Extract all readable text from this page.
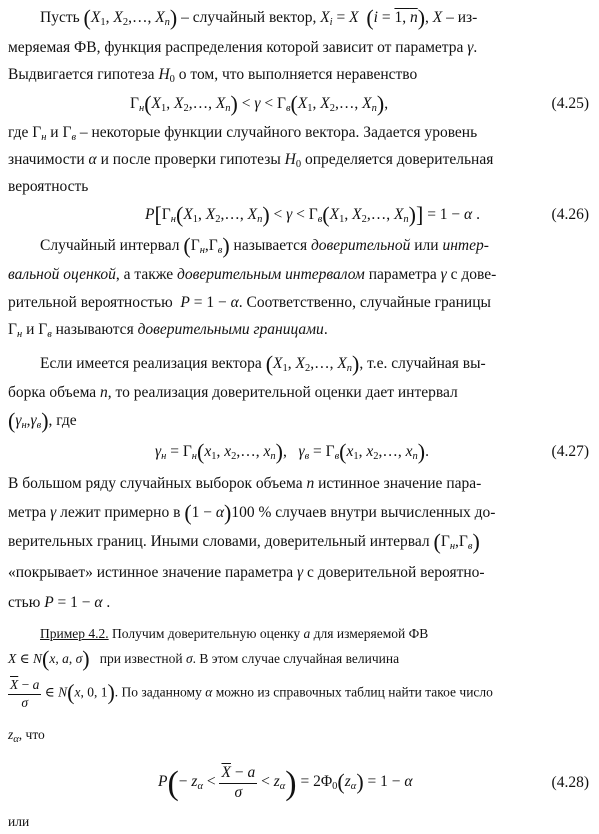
Пусть ($X_1$, $X_2,\dots$, $X_n$) – случайный вектор, $X_i = X$ (i = 1, n), X – из-
меряемая ФВ, функция распределения которой зависит от параметра γ.
Выдвигается гипотеза $H_0$ о том, что выполняется неравенство
$Г_н(X_1$, $X_2,\dots$, $X_n) < \gamma < Г_в(X_1$, $X_2,\dots$, $X_n$),	(4.25)
где $Г_н$ и $Г_в$ – некоторые функции случайного вектора. Задается уровень
значимости α и после проверки гипотезы $H_0$ определяется доверительная
вероятность
$P[Г_н(X_1$, $X_2,\dots$, $X_n) < \gamma < Г_в(X_1$, $X_2,\dots$, $X_n)] = 1 - \alpha$ .	(4.26)
Случайный интервал $(Г_н,Г_в)$ называется доверительной или интер-
вальной оценкой, а также доверительным интервалом параметра γ с дове-
рительной вероятностью P = 1 − α. Соответственно, случайные границы
$Г_н$ и $Г_в$ называются доверительными границами.
Если имеется реализация вектора ($X_1$, $X_2,\dots$, $X_n$), т.е. случайная вы-
борка объема n, то реализация доверительной оценки дает интервал
$(\gamma_н,\gamma_в)$, где
$\gamma_н = Г_н(x_1$, $x_2,\dots$, $x_n$),   $\gamma_в = Г_в(x_1$, $x_2,\dots$, $x_n$).	(4.27)
В большом ряду случайных выборок объема n истинное значение пара-
метра γ лежит примерно в (1 − α)100 % случаев внутри вычисленных до-
верительных границ. Иными словами, доверительный интервал $(Г_н,Г_в)$
«покрывает» истинное значение параметра γ с доверительной вероятно-
стью P = 1 − α .
Пример 4.2. Получим доверительную оценку a для измеряемой ФВ
X ∈ N(x, a, σ) при известной σ. В этом случае случайная величина
$\frac{\overline{X} - a}{\sigma}$ ∈ N(x, 0, 1). По заданному α можно из справочных таблиц найти такое число
$z_\alpha$, что
$P(- z_\alpha < \frac{\overline{X} - a}{\sigma} < z_\alpha) = 2\Phi_0(z_\alpha) = 1 - \alpha$	(4.28)
или
